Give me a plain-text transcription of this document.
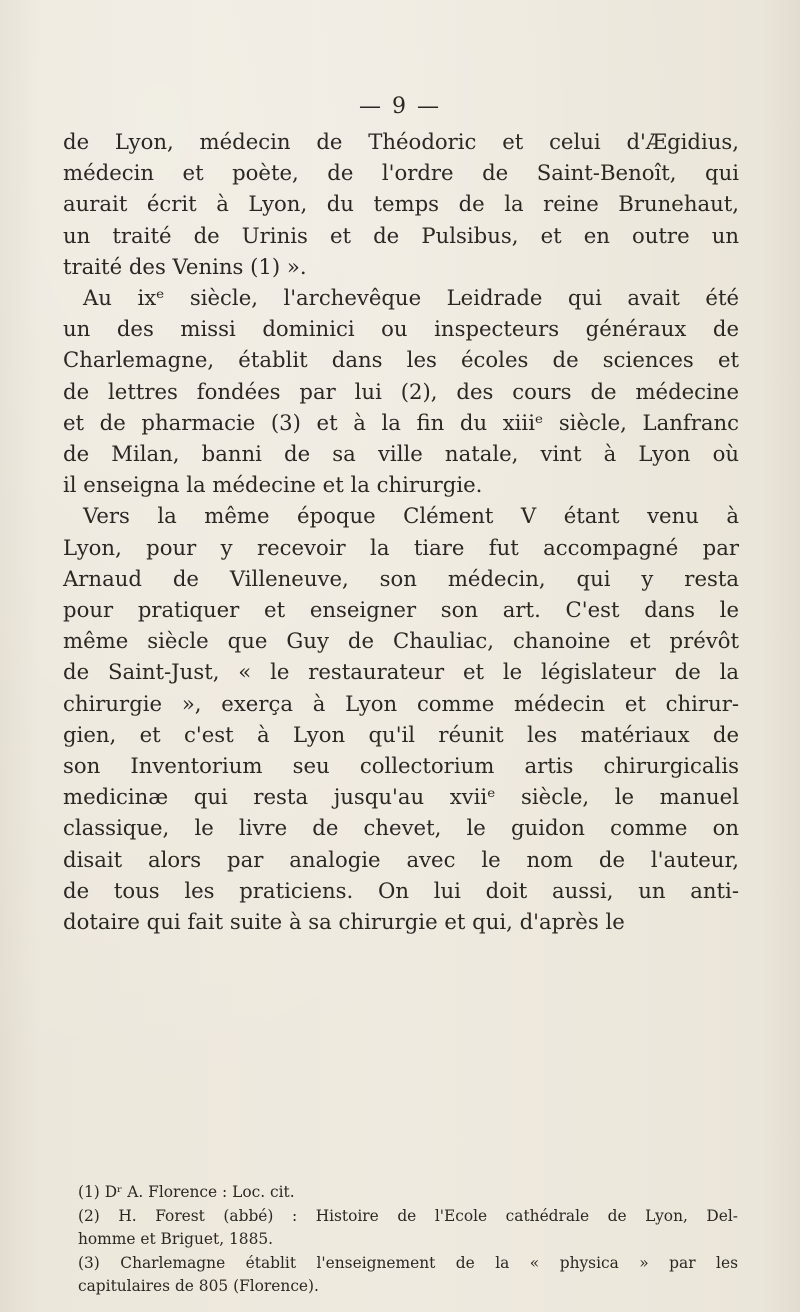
— 9 —

de Lyon, médecin de Théodoric et celui d'Ægidius,
médecin et poète, de l'ordre de Saint-Benoît, qui
aurait écrit à Lyon, du temps de la reine Brunehaut,
un traité de Urinis et de Pulsibus, et en outre un
traité des Venins (1) ».

Au ixᵉ siècle, l'archevêque Leidrade qui avait été
un des missi dominici ou inspecteurs généraux de
Charlemagne, établit dans les écoles de sciences et
de lettres fondées par lui (2), des cours de médecine
et de pharmacie (3) et à la fin du xiiiᵉ siècle, Lanfranc
de Milan, banni de sa ville natale, vint à Lyon où
il enseigna la médecine et la chirurgie.

Vers la même époque Clément V étant venu à
Lyon, pour y recevoir la tiare fut accompagné par
Arnaud de Villeneuve, son médecin, qui y resta
pour pratiquer et enseigner son art. C'est dans le
même siècle que Guy de Chauliac, chanoine et prévôt
de Saint-Just, « le restaurateur et le législateur de la
chirurgie », exerça à Lyon comme médecin et chirur-
gien, et c'est à Lyon qu'il réunit les matériaux de
son Inventorium seu collectorium artis chirurgicalis
medicinæ qui resta jusqu'au xviiᵉ siècle, le manuel
classique, le livre de chevet, le guidon comme on
disait alors par analogie avec le nom de l'auteur,
de tous les praticiens. On lui doit aussi, un anti-
dotaire qui fait suite à sa chirurgie et qui, d'après le

(1) Dʳ A. Florence : Loc. cit.

(2) H. Forest (abbé) : Histoire de l'Ecole cathédrale de Lyon, Del-

homme et Briguet, 1885.

(3) Charlemagne établit l'enseignement de la « physica » par les

capitulaires de 805 (Florence).
